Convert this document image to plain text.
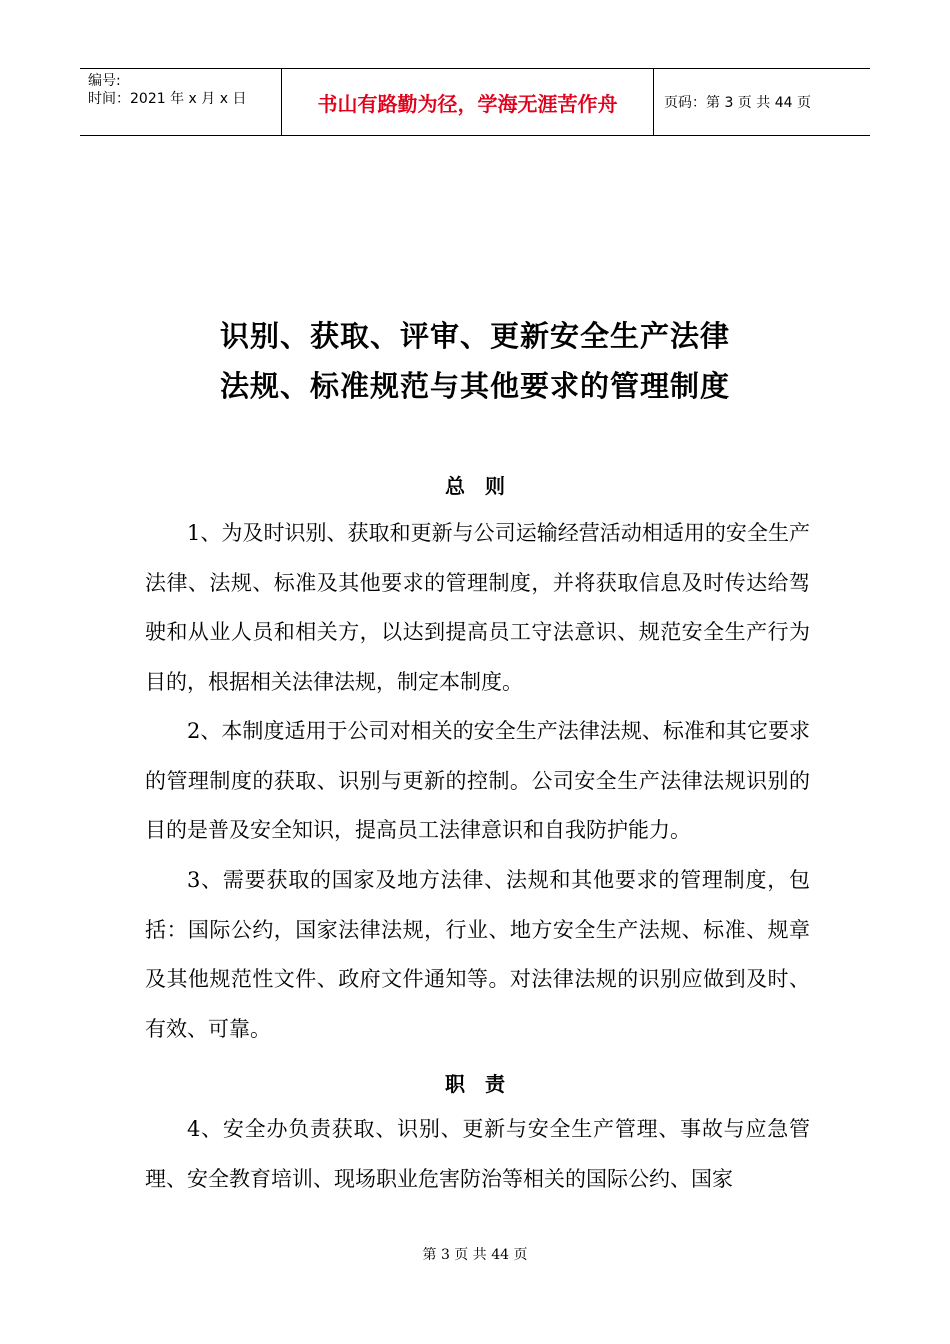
编号:
时间：2021 年 x 月 x 日	书山有路勤为径，学海无涯苦作舟	页码：第 3 页 共 44 页
识别、获取、评审、更新安全生产法律
法规、标准规范与其他要求的管理制度
总则
1、为及时识别、获取和更新与公司运输经营活动相适用的安全生产法律、法规、标准及其他要求的管理制度，并将获取信息及时传达给驾驶和从业人员和相关方，以达到提高员工守法意识、规范安全生产行为目的，根据相关法律法规，制定本制度。
2、本制度适用于公司对相关的安全生产法律法规、标准和其它要求的管理制度的获取、识别与更新的控制。公司安全生产法律法规识别的目的是普及安全知识，提高员工法律意识和自我防护能力。
3、需要获取的国家及地方法律、法规和其他要求的管理制度，包括：国际公约，国家法律法规，行业、地方安全生产法规、标准、规章及其他规范性文件、政府文件通知等。对法律法规的识别应做到及时、有效、可靠。
职责
4、安全办负责获取、识别、更新与安全生产管理、事故与应急管理、安全教育培训、现场职业危害防治等相关的国际公约、国家
第 3 页 共 44 页
